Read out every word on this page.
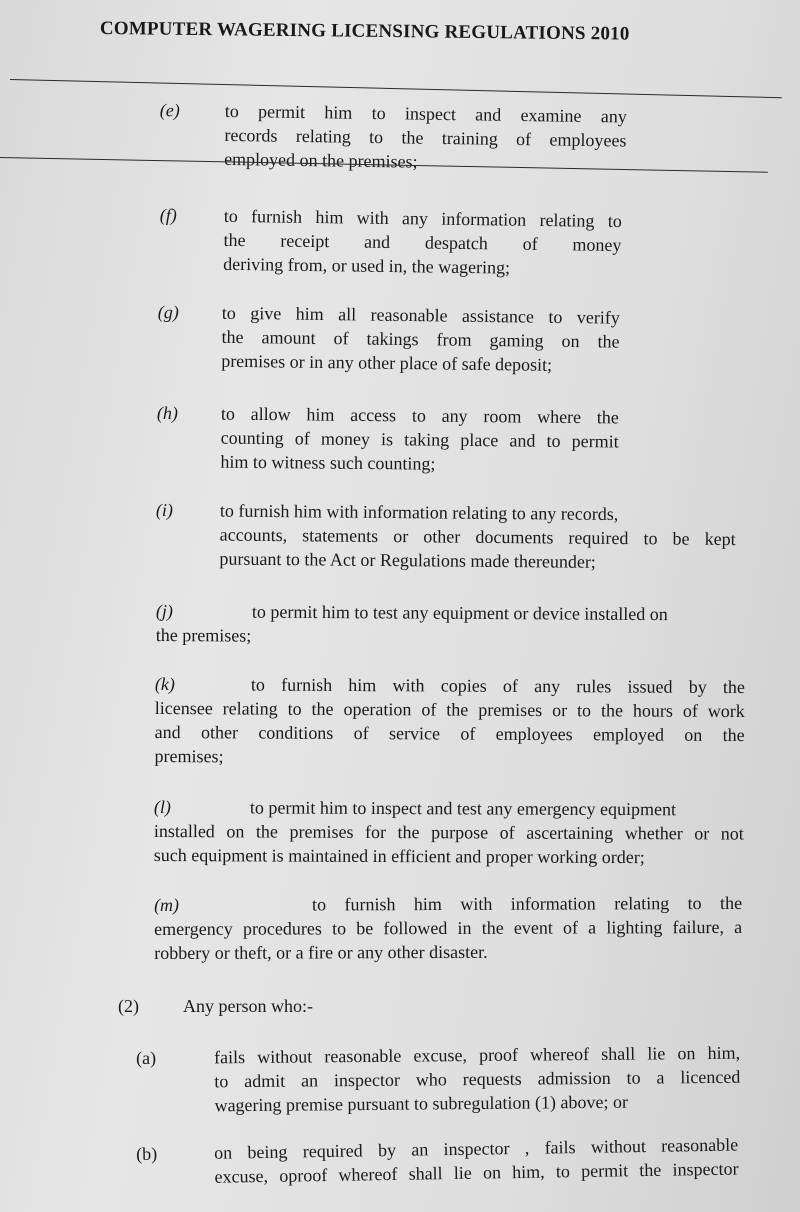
COMPUTER WAGERING LICENSING REGULATIONS 2010
(e) to permit him to inspect and examine any
records relating to the training of employees
employed on the premises;
(f)	to furnish him with any information relating to
the receipt and despatch of money
deriving from, or used in, the wagering;
(g) to give him all reasonable assistance to verify
the amount of takings from gaming on the
premises or in any other place of safe deposit;
(h) to allow him access to any room where the
counting of money is taking place and to permit
him to witness such counting;
(i)	to furnish him with information relating to any records,
accounts, statements or other documents required to be kept
pursuant to the Act or Regulations made thereunder;
(j)	to permit him to test any equipment or device installed on
the premises;
(k)	to furnish him with copies of any rules issued by the
licensee relating to the operation of the premises or to the hours of work
and other conditions of service of employees employed on the
premises;
(l)	to permit him to inspect and test any emergency equipment
installed on the premises for the purpose of ascertaining whether or not
such equipment is maintained in efficient and proper working order;
(m)	to furnish him with information relating to the
emergency procedures to be followed in the event of a lighting failure, a
robbery or theft, or a fire or any other disaster.
(2) Any person who:-
(a)	fails without reasonable excuse, proof whereof shall lie on him,
to admit an inspector who requests admission to a licenced
wagering premise pursuant to subregulation (1) above; or
(b)	on being required by an inspector , fails without reasonable
excuse, oproof whereof shall lie on him, to permit the inspector
